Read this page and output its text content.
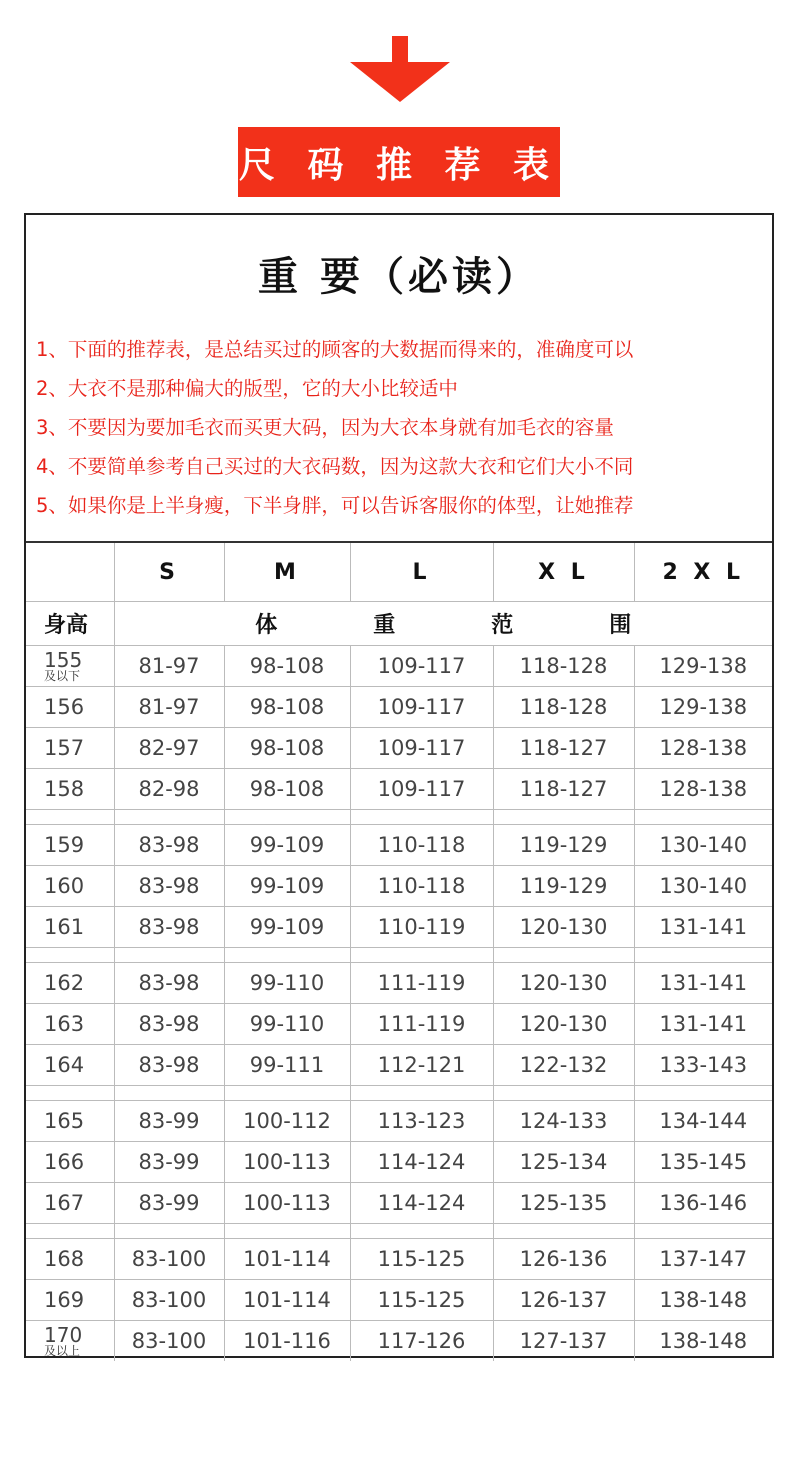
尺 码 推 荐 表
重 要（必读）
1、下面的推荐表，是总结买过的顾客的大数据而得来的，准确度可以
2、大衣不是那种偏大的版型，它的大小比较适中
3、不要因为要加毛衣而买更大码，因为大衣本身就有加毛衣的容量
4、不要简单参考自己买过的大衣码数，因为这款大衣和它们大小不同
5、如果你是上半身瘦，下半身胖，可以告诉客服你的体型，让她推荐
	S	M	L	X L	2 X L
身高	体 重 范 围				

155
及以下	81-97	98-108	109-117	118-128	129-138
156	81-97	98-108	109-117	118-128	129-138
157	82-97	98-108	109-117	118-127	128-138
158	82-98	98-108	109-117	118-127	128-138

159	83-98	99-109	110-118	119-129	130-140
160	83-98	99-109	110-118	119-129	130-140
161	83-98	99-109	110-119	120-130	131-141

162	83-98	99-110	111-119	120-130	131-141
163	83-98	99-110	111-119	120-130	131-141
164	83-98	99-111	112-121	122-132	133-143

165	83-99	100-112	113-123	124-133	134-144
166	83-99	100-113	114-124	125-134	135-145
167	83-99	100-113	114-124	125-135	136-146

168	83-100	101-114	115-125	126-136	137-147
169	83-100	101-114	115-125	126-137	138-148

170
及以上	83-100	101-116	117-126	127-137	138-148
